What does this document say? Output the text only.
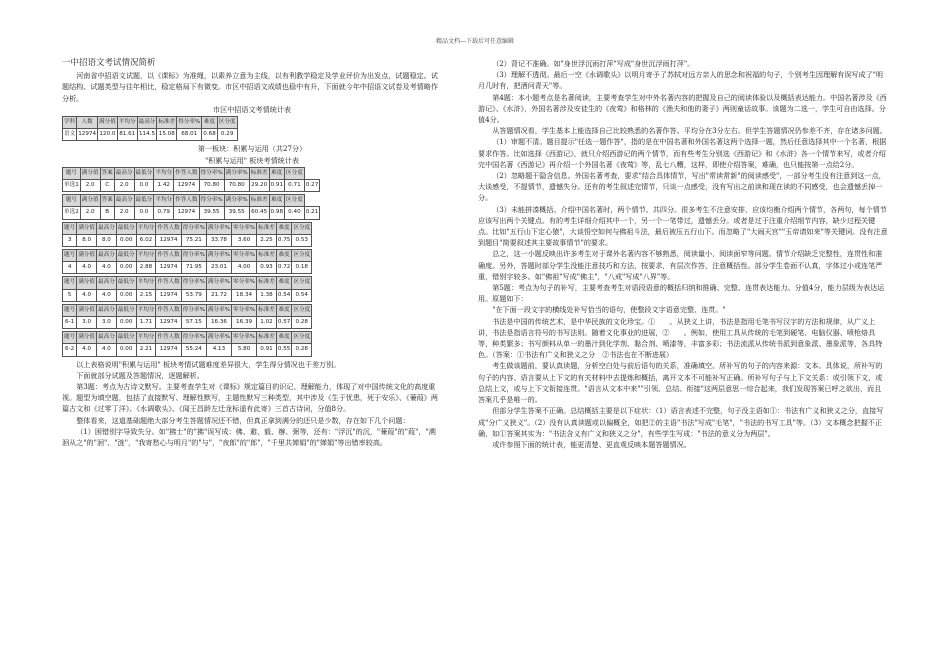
精品文档---下载后可任意编辑
一中招语文考试情况简析

河南省中招语文试题，以《课标》为准绳，以素养立意为主线，以有利教学稳定及学业评价为出发点，试题稳定。试题结构、试题类型与往年相比，稳定格局下有微变。市区中招语文成绩也稳中有升，下面就今年中招语文试卷及考情略作分析。

市区中招语文考情统计表

学科	人数	满分值	平均分	最高分	标准差	得分率%	难度	区分度
语文	12974	120.0	81.61	114.5	15.08	68.01	0.68	0.29

第一板块：积累与运用（共27分）

"积累与运用" 板块考情统计表

题号	满分值	答案	最高分	最低分	平均分	作答人数	得分率%	满分率%	标准差	难度	区分度	
单选1	2.0	C	2.0	0.0	1.42	12974	70.80	70.80	29.20	0.91	0.71	0.27
题号	满分值	答案	最高分	最低分	平均分	作答人数	得分率%	满分率%	标准差	难度	区分度	
单选2	2.0	B	2.0	0.0	0.79	12974	39.55	39.55	60.45	0.98	0.40	0.21
题号	满分值	最高分	最低分	平均分	作答人数	得分率%	满分率%	零分率%	标准差	难度	区分度
3	8.0	8.0	0.00	6.02	12974	75.21	33.78	3.60	2.25	0.75	0.53
题号	满分值	最高分	最低分	平均分	作答人数	得分率%	满分率%	零分率%	标准差	难度	区分度
4	4.0	4.0	0.00	2.88	12974	71.95	23.01	4.00	0.93	0.72	0.18
题号	满分值	最高分	最低分	平均分	作答人数	得分率%	满分率%	零分率%	标准差	难度	区分度
5	4.0	4.0	0.00	2.15	12974	53.79	21.72	18.34	1.38	0.54	0.54
题号	满分值	最高分	最低分	平均分	作答人数	得分率%	满分率%	零分率%	标准差	难度	区分度
6-1	3.0	3.0	0.00	1.71	12974	57.15	16.36	16.39	1.02	0.57	0.28
题号	满分值	最高分	最低分	平均分	作答人数	得分率%	满分率%	零分率%	标准差	难度	区分度
6-2	4.0	4.0	0.00	2.21	12974	55.24	4.13	5.80	0.91	0.55	0.28

以上表格说明"积累与运用" 板块考情试题难度差异很大，学生得分情况也千差万别。

下面就部分试题及答题情况，逐题解析。

第3题：考点为古诗文默写。主要考查学生对《课标》规定篇目的识记、理解能力，体现了对中国传统文化的高度重视。题型为填空题，包括了直接默写、理解性默写，主题性默写三种类型，其中涉及《生于忧患，死于安乐》、《蒹葭》两篇古文和《过零丁洋》、《水调歌头》、《闻王昌龄左迁龙标遥有此寄》三首古诗词，分值8分。

整体看来，这道基础题绝大部分考生答题情况还不错，但真正拿到满分的还只是少数，存在如下几个问题：

（1）困错别字导致失分。如"拂士"的"拂"误写成：佛、避、毅、辦、弼等，还有："浮沉"的沉，"蒹葭"的"葭"，"溯洄从之"的"洄"、"涟"，"我寄愁心与明月"的"与"，"夜郎"的"郎"，"千里共婵娟"的"婵娟"等出错率较高。

（2）背记不准确。如"身世浮沉雨打萍"写成"身世沉浮雨打萍"。

（3）理解不透彻。最后一空《水调歌头》以明月寄予了苏轼对远方亲人的思念和祝福的句子，个别考生因理解有误写成了"明月几时有，把酒问青天"等。

第4题：本小题考点是名著阅读，主要考查学生对中外名著内容的把握及自己的阅读体验以及概括表达能力。中国名著涉及《西游记》、《水浒》，外国名著涉及安徒生的《夜莺》和格林的《渔夫和他的妻子》两则童话故事。该题为二选一，学生可自由选择。分值4分。

从答题情况看，学生基本上能选择自己比较熟悉的名著作答。平均分在3分左右。但学生答题情况仍参差不齐，存在诸多问题。

（1）审题不清。题目提示"任选一题作答"，指的是在中国名著和外国名著这两个选择一题，然后任意选择其中一个名著，根据要求作答。比如选择《西游记》，就只介绍西游记的两个情节，而有些考生分别选《西游记》和《水浒》各一个情节来写，或者介绍完中国名著《西游记》再介绍一个外国名著《夜莺》等，乱七八糟，这样，即使介绍答案，难确，也只能按第一点给2分。

（2）忽略题干隐含信息。外国名著考查，要求"结合具体情节，写出"常读常新"的阅读感受"，一部分考生没有注意到这一点，大谈感受，不提情节，遗憾失分。还有的考生叙述完情节，只谈一点感受，没有写出之前读和现在读的不同感受，也会遗憾丢掉一分。

（3）未能拼凑概括。介绍中国名著时，两个情节。共四分。很多考生不注意安排，应该均衡介绍两个情节，各两句，每个情节应该写出两个关键点。有的考生详细介绍其中一个，另一个一笔带过，遗憾丢分。或者是过于注重介绍细节内容，缺少过程关键点。比如"五行山下定心猿"，大谈悟空如何与佛祖斗法，最后被压五行山下。而忽略了"大闹天宫""玉帝请如来"等关键词。没有注意到题目"简要叙述其主要故事情节"的要求。

总之，这一小题反映出许多考生对于课外名著内容不够熟悉，阅读量小，阅读面窄等问题。情节介绍缺乏完整性，连贯性和准确度。另外，答题时部分学生没能注意技巧和方法，按要求，有层次作答，注意概括性。部分学生卷面不认真，字体过小或连笔严重，错别字较多。如"佛祖"写成"佛主"，"八戒"写成"八界"等。

第5题：考点为句子的补写，主要考查考生对语段语意的概括归纳和推确、完整、连贯表达能力。分值4分，能力层级为表达运用。原题如下：

"在下面一段文字的横线处补写恰当的语句，使整段文字语意完整、连贯。"

书法是中国的传统艺术，是中华民族的文化珍宝。①　　。从狭义上讲，书法是指用毛笔书写汉字的方法和规律，从广义上讲，书法是指语言符号的书写法则。随着文化事业的进展，②　　。例如，使用工具从传统的毛笔到硬笔、电脑仪器、喷枪烙具等，种类繁多；书写颜料从单一的墨汁到化学剂、黏合剂、喷漆等，丰富多彩；书法流派从传统书派到意象派、墨象派等，各具特色。（答案：①书法有广义和狭义之分　②书法也在不断进展）

考生做该题前，要认真读题，分析空白处与前后语句的关系，准确填空。所补写的句子的内容来源：文本。具体说，所补写的句子的内容、语言要从上下文的有关材料中去提炼和概括，离开文本不可能补写正确。所补写句子与上下文关系：或引领下文，或总结上文，或与上下文衔接连贯。"语言从文本中来""引领、总结、衔接"这两层意思一综合起来，我们发现答案已呼之欲出，而且答案几乎是唯一的。

但部分学生答案不正确。总结概括主要是以下症状：（1）语言表述不完整，句子没主语如①：书法有广义和狭义之分，直接写成"分广义狭义"。（2）没有认真读题或以偏概全，如把②的主语"书法"写成"毛笔"，"书法的书写工具"等。（3）文本概念把握不正确，如①答案其实为："书法含义有广义和狭义之分"，有些学生写成："书法的意义分为两层"。

或许参照下面的统计表，能更清楚、更直观反映本题答题情况。
